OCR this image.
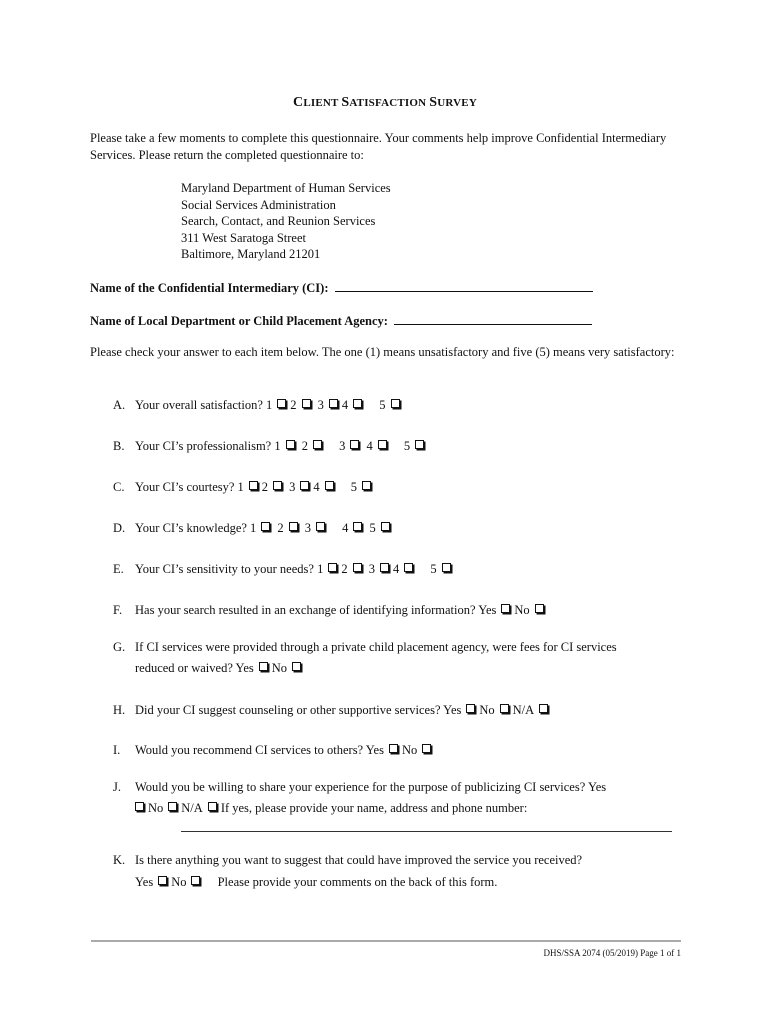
CLIENT SATISFACTION SURVEY
Please take a few moments to complete this questionnaire. Your comments help improve Confidential Intermediary Services. Please return the completed questionnaire to:
Maryland Department of Human Services
Social Services Administration
Search, Contact, and Reunion Services
311 West Saratoga Street
Baltimore, Maryland 21201
Name of the Confidential Intermediary (CI):
Name of Local Department or Child Placement Agency:
Please check your answer to each item below. The one (1) means unsatisfactory and five (5) means very satisfactory:
A. Your overall satisfaction? 1 2 3 4 5
B. Your CI’s professionalism? 1 2 3 4 5
C. Your CI’s courtesy? 1 2 3 4 5
D. Your CI’s knowledge? 1 2 3 4 5
E. Your CI’s sensitivity to your needs? 1 2 3 4 5
F. Has your search resulted in an exchange of identifying information? Yes No
G. If CI services were provided through a private child placement agency, were fees for CI services
reduced or waived? Yes No
H. Did your CI suggest counseling or other supportive services? Yes No N/A
I. Would you recommend CI services to others? Yes No
J. Would you be willing to share your experience for the purpose of publicizing CI services? Yes
No N/A If yes, please provide your name, address and phone number:
K. Is there anything you want to suggest that could have improved the service you received?
Yes No Please provide your comments on the back of this form.
DHS/SSA 2074 (05/2019) Page 1 of 1
